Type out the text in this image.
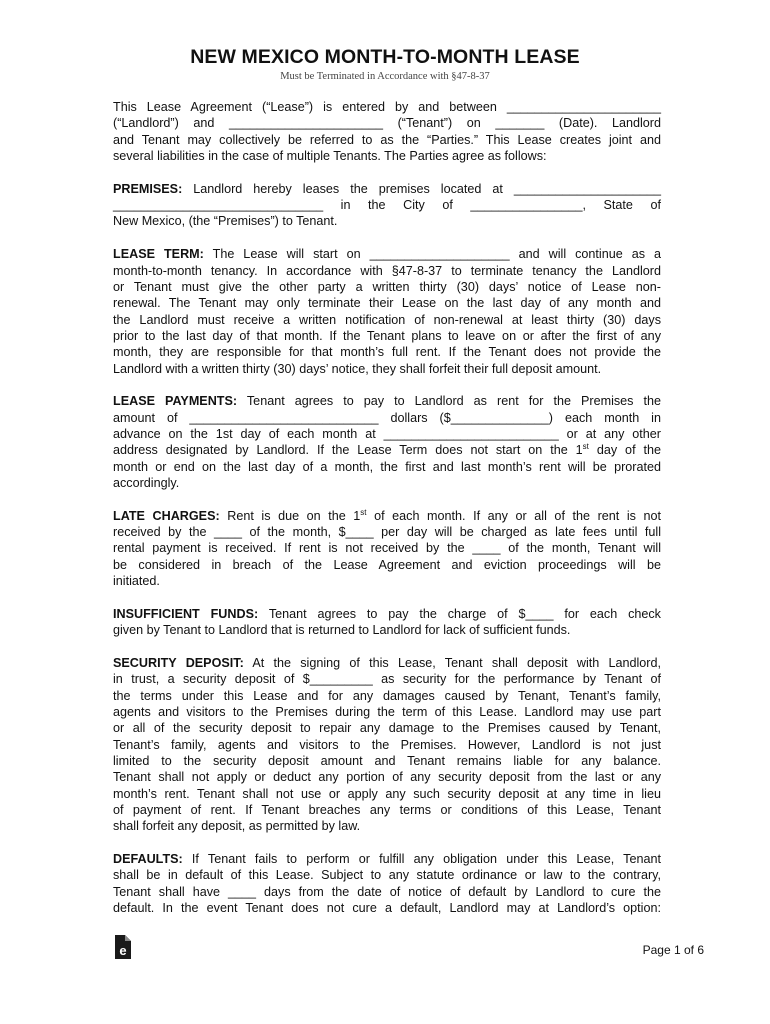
NEW MEXICO MONTH-TO-MONTH LEASE
Must be Terminated in Accordance with §47-8-37
This Lease Agreement (“Lease”) is entered by and between ______________________
(“Landlord”) and ______________________ (“Tenant”) on _______ (Date). Landlord
and Tenant may collectively be referred to as the “Parties.” This Lease creates joint and
several liabilities in the case of multiple Tenants. The Parties agree as follows:
PREMISES: Landlord hereby leases the premises located at _____________________
______________________________ in the City of ________________, State of
New Mexico, (the “Premises”) to Tenant.
LEASE TERM: The Lease will start on ____________________ and will continue as a
month-to-month tenancy. In accordance with §47-8-37 to terminate tenancy the Landlord
or Tenant must give the other party a written thirty (30) days’ notice of Lease non-
renewal. The Tenant may only terminate their Lease on the last day of any month and
the Landlord must receive a written notification of non-renewal at least thirty (30) days
prior to the last day of that month. If the Tenant plans to leave on or after the first of any
month, they are responsible for that month’s full rent. If the Tenant does not provide the
Landlord with a written thirty (30) days’ notice, they shall forfeit their full deposit amount.
LEASE PAYMENTS: Tenant agrees to pay to Landlord as rent for the Premises the
amount of ___________________________ dollars ($______________) each month in
advance on the 1st day of each month at _________________________ or at any other
address designated by Landlord. If the Lease Term does not start on the 1st day of the
month or end on the last day of a month, the first and last month’s rent will be prorated
accordingly.
LATE CHARGES: Rent is due on the 1st of each month. If any or all of the rent is not
received by the ____ of the month, $____ per day will be charged as late fees until full
rental payment is received. If rent is not received by the ____ of the month, Tenant will
be considered in breach of the Lease Agreement and eviction proceedings will be
initiated.
INSUFFICIENT FUNDS: Tenant agrees to pay the charge of $____ for each check
given by Tenant to Landlord that is returned to Landlord for lack of sufficient funds.
SECURITY DEPOSIT: At the signing of this Lease, Tenant shall deposit with Landlord,
in trust, a security deposit of $_________ as security for the performance by Tenant of
the terms under this Lease and for any damages caused by Tenant, Tenant’s family,
agents and visitors to the Premises during the term of this Lease. Landlord may use part
or all of the security deposit to repair any damage to the Premises caused by Tenant,
Tenant’s family, agents and visitors to the Premises. However, Landlord is not just
limited to the security deposit amount and Tenant remains liable for any balance.
Tenant shall not apply or deduct any portion of any security deposit from the last or any
month’s rent. Tenant shall not use or apply any such security deposit at any time in lieu
of payment of rent. If Tenant breaches any terms or conditions of this Lease, Tenant
shall forfeit any deposit, as permitted by law.
DEFAULTS: If Tenant fails to perform or fulfill any obligation under this Lease, Tenant
shall be in default of this Lease. Subject to any statute ordinance or law to the contrary,
Tenant shall have ____ days from the date of notice of default by Landlord to cure the
default. In the event Tenant does not cure a default, Landlord may at Landlord’s option:
e	Page 1 of 6
